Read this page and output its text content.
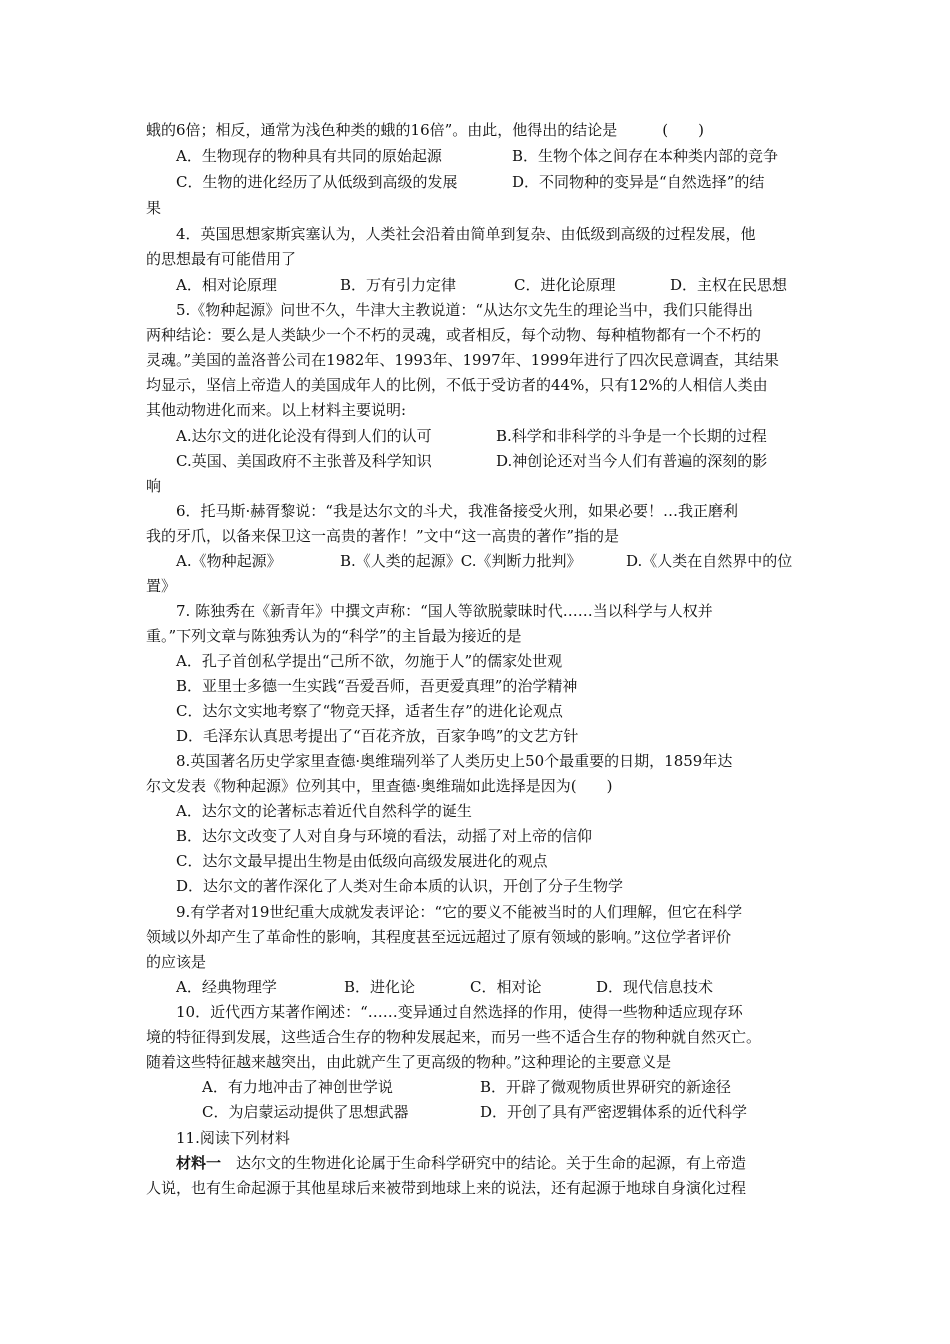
蛾的6倍；相反，通常为浅色种类的蛾的16倍”。由此，他得出的结论是　　　(　　)
A．生物现存的物种具有共同的原始起源	B．生物个体之间存在本种类内部的竞争
C．生物的进化经历了从低级到高级的发展	D．不同物种的变异是“自然选择”的结
果
4．英国思想家斯宾塞认为，人类社会沿着由简单到复杂、由低级到高级的过程发展，他
的思想最有可能借用了
A．相对论原理	B．万有引力定律	C．进化论原理	D．主权在民思想
5.《物种起源》问世不久，牛津大主教说道：“从达尔文先生的理论当中，我们只能得出
两种结论：要么是人类缺少一个不朽的灵魂，或者相反，每个动物、每种植物都有一个不朽的
灵魂。”美国的盖洛普公司在1982年、1993年、1997年、1999年进行了四次民意调查，其结果
均显示，坚信上帝造人的美国成年人的比例，不低于受访者的44%，只有12%的人相信人类由
其他动物进化而来。以上材料主要说明:
A.达尔文的进化论没有得到人们的认可	B.科学和非科学的斗争是一个长期的过程
C.英国、美国政府不主张普及科学知识	D.神创论还对当今人们有普遍的深刻的影
响
6．托马斯·赫胥黎说：“我是达尔文的斗犬，我准备接受火刑，如果必要！…我正磨利
我的牙爪，以备来保卫这一高贵的著作！”文中“这一高贵的著作”指的是
A.《物种起源》	B.《人类的起源》C.《判断力批判》	D.《人类在自然界中的位
置》
7. 陈独秀在《新青年》中撰文声称：“国人等欲脱蒙昧时代……当以科学与人权并
重。”下列文章与陈独秀认为的“科学”的主旨最为接近的是
A．孔子首创私学提出“己所不欲，勿施于人”的儒家处世观
B．亚里士多德一生实践“吾爱吾师，吾更爱真理”的治学精神
C．达尔文实地考察了“物竞天择，适者生存”的进化论观点
D．毛泽东认真思考提出了“百花齐放，百家争鸣”的文艺方针
8.英国著名历史学家里查德·奥维瑞列举了人类历史上50个最重要的日期，1859年达
尔文发表《物种起源》位列其中，里查德·奥维瑞如此选择是因为(　　)
A．达尔文的论著标志着近代自然科学的诞生
B．达尔文改变了人对自身与环境的看法，动摇了对上帝的信仰
C．达尔文最早提出生物是由低级向高级发展进化的观点
D．达尔文的著作深化了人类对生命本质的认识，开创了分子生物学
9.有学者对19世纪重大成就发表评论：“它的要义不能被当时的人们理解，但它在科学
领域以外却产生了革命性的影响，其程度甚至远远超过了原有领域的影响。”这位学者评价
的应该是
A．经典物理学	B．进化论	C．相对论	D．现代信息技术
10．近代西方某著作阐述：“……变异通过自然选择的作用，使得一些物种适应现存环
境的特征得到发展，这些适合生存的物种发展起来，而另一些不适合生存的物种就自然灭亡。
随着这些特征越来越突出，由此就产生了更高级的物种。”这种理论的主要意义是
A．有力地冲击了神创世学说	B．开辟了微观物质世界研究的新途径
C．为启蒙运动提供了思想武器	D．开创了具有严密逻辑体系的近代科学
11.阅读下列材料
材料一　达尔文的生物进化论属于生命科学研究中的结论。关于生命的起源，有上帝造
人说，也有生命起源于其他星球后来被带到地球上来的说法，还有起源于地球自身演化过程
